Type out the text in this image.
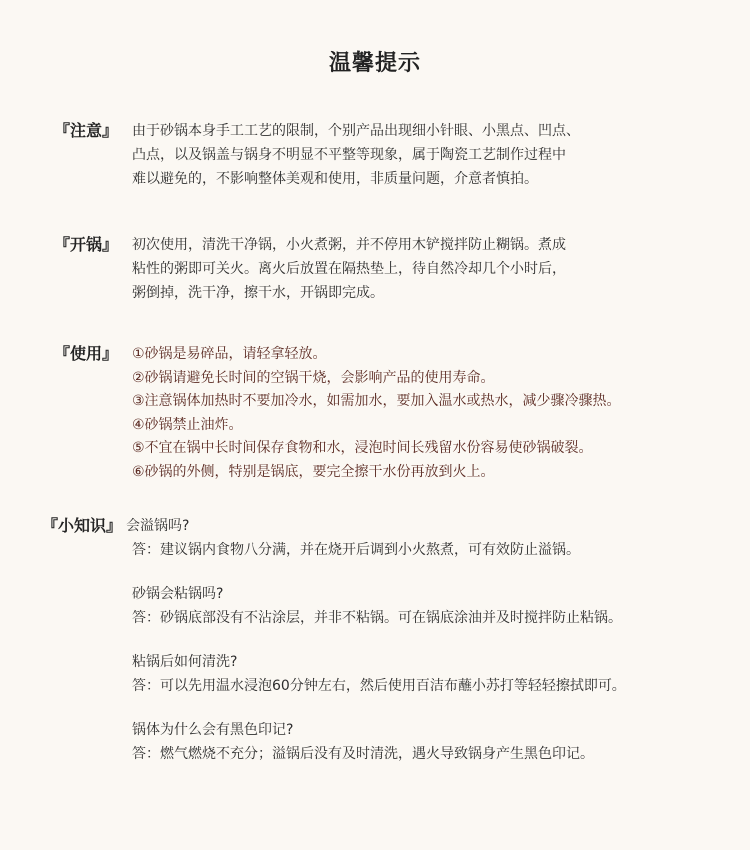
温馨提示
『注意』 由于砂锅本身手工工艺的限制，个别产品出现细小针眼、小黑点、凹点、
凸点，以及锅盖与锅身不明显不平整等现象，属于陶瓷工艺制作过程中
难以避免的，不影响整体美观和使用，非质量问题，介意者慎拍。
『开锅』 初次使用，清洗干净锅，小火煮粥，并不停用木铲搅拌防止糊锅。煮成
粘性的粥即可关火。离火后放置在隔热垫上，待自然冷却几个小时后，
粥倒掉，洗干净，擦干水，开锅即完成。
『使用』 ①砂锅是易碎品，请轻拿轻放。
②砂锅请避免长时间的空锅干烧，会影响产品的使用寿命。
③注意锅体加热时不要加冷水，如需加水，要加入温水或热水，减少骤冷骤热。
④砂锅禁止油炸。
⑤不宜在锅中长时间保存食物和水，浸泡时间长残留水份容易使砂锅破裂。
⑥砂锅的外侧，特别是锅底，要完全擦干水份再放到火上。
『小知识』 会溢锅吗?
答：建议锅内食物八分满，并在烧开后调到小火熬煮，可有效防止溢锅。
砂锅会粘锅吗?
答：砂锅底部没有不沾涂层，并非不粘锅。可在锅底涂油并及时搅拌防止粘锅。
粘锅后如何清洗?
答：可以先用温水浸泡60分钟左右，然后使用百洁布蘸小苏打等轻轻擦拭即可。
锅体为什么会有黑色印记?
答：燃气燃烧不充分；溢锅后没有及时清洗，遇火导致锅身产生黑色印记。
